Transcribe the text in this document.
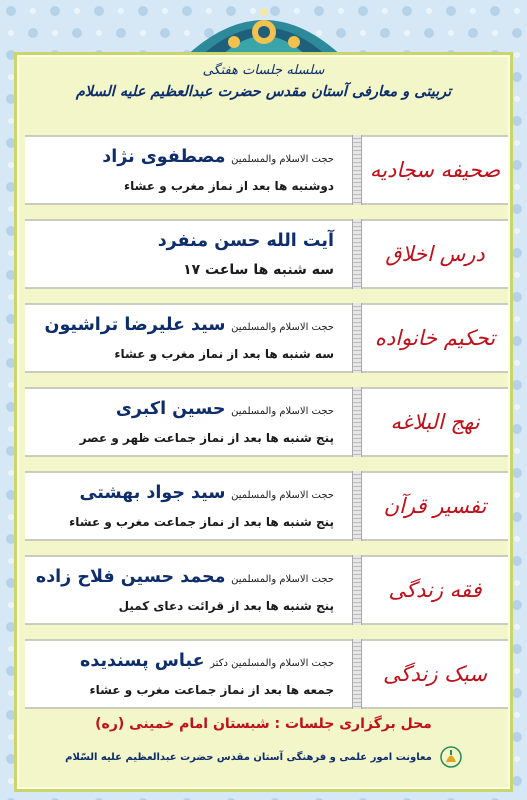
سلسله جلسات هفتگی
تربیتی و معارفی آستان مقدس حضرت عبدالعظیم علیه السلام
صحیفه سجادیه
حجت الاسلام والمسلمین مصطفوی نژاد
دوشنبه ها بعد از نماز مغرب و عشاء
درس اخلاق
آیت الله حسن منفرد
سه شنبه ها ساعت ۱۷
تحکیم خانواده
حجت الاسلام والمسلمین سید علیرضا تراشیون
سه شنبه ها بعد از نماز مغرب و عشاء
نهج البلاغه
حجت الاسلام والمسلمین حسین اکبری
پنج شنبه ها بعد از نماز جماعت ظهر و عصر
تفسیر قرآن
حجت الاسلام والمسلمین سید جواد بهشتی
پنج شنبه ها بعد از نماز جماعت مغرب و عشاء
فقه زندگی
حجت الاسلام والمسلمین محمد حسین فلاح زاده
پنج شنبه ها بعد از قرائت دعای کمیل
سبک زندگی
حجت الاسلام والمسلمین دکتر عباس پسندیده
جمعه ها بعد از نماز جماعت مغرب و عشاء
محل برگزاری جلسات : شبستان امام خمینی (ره)
معاونت امور علمی و فرهنگی آستان مقدس حضرت عبدالعظیم علیه السّلام
